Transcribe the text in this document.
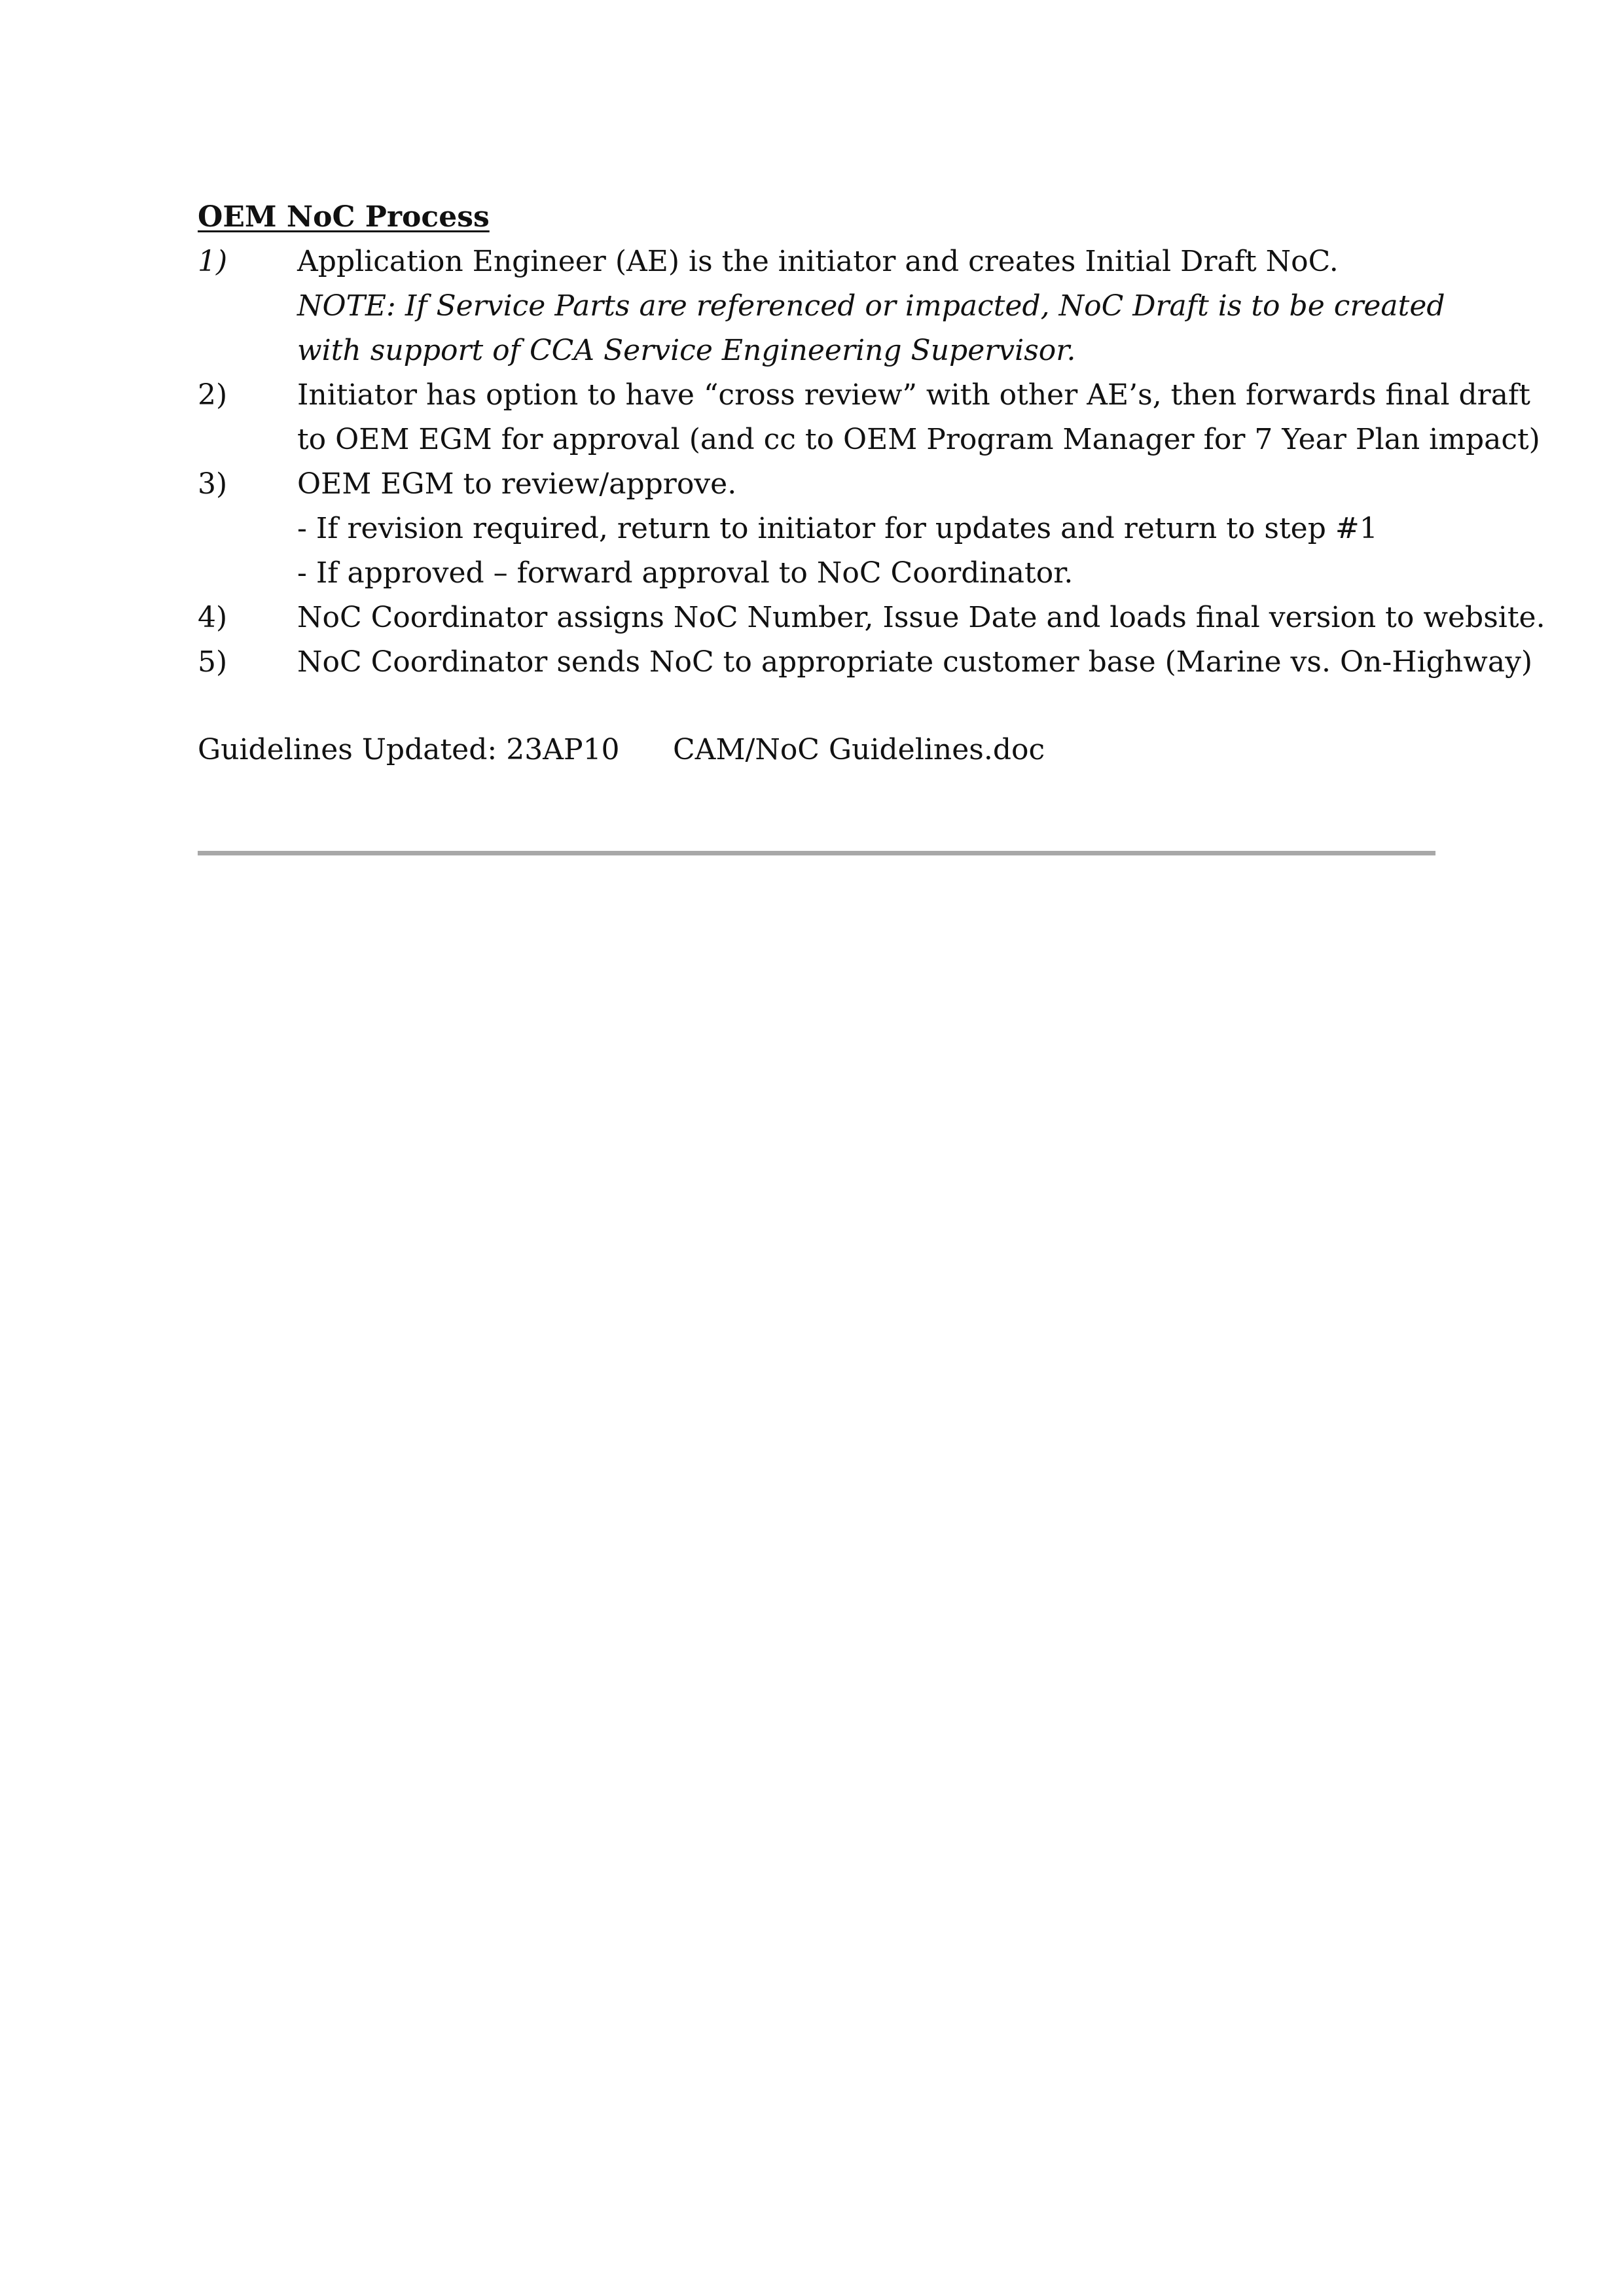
OEM NoC Process
1)	Application Engineer (AE) is the initiator and creates Initial Draft NoC.
NOTE: If Service Parts are referenced or impacted, NoC Draft is to be created
with support of CCA Service Engineering Supervisor.
2)	Initiator has option to have “cross review” with other AE’s, then forwards final draft
to OEM EGM for approval (and cc to OEM Program Manager for 7 Year Plan impact)
3)	OEM EGM to review/approve.
- If revision required, return to initiator for updates and return to step #1
- If approved – forward approval to NoC Coordinator.
4)	NoC Coordinator assigns NoC Number, Issue Date and loads final version to website.
5)	NoC Coordinator sends NoC to appropriate customer base (Marine vs. On-Highway)
Guidelines Updated: 23AP10 CAM/NoC Guidelines.doc
